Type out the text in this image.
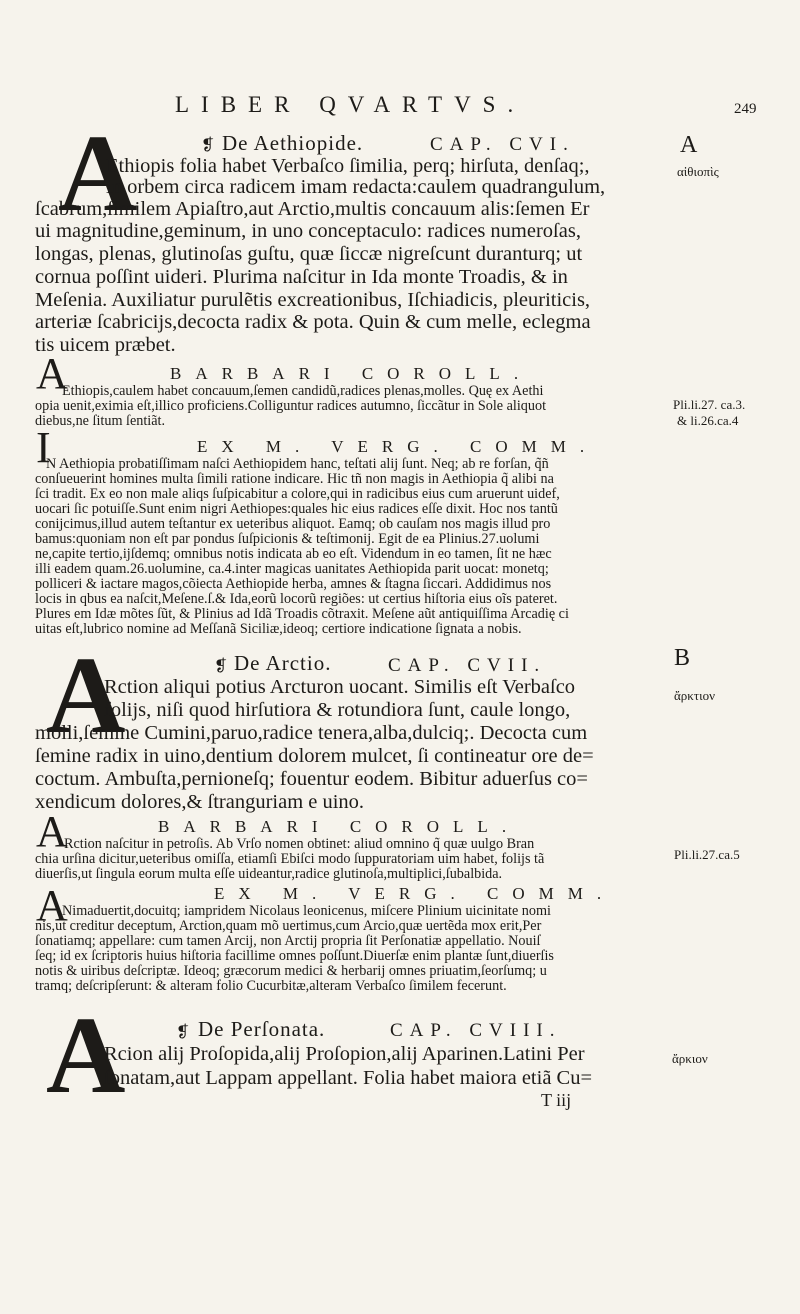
LIBER QVARTVS.	249
A	❡ De Aethiopide.	CAP. CVI.
Ethiopis folia habet Verbaſco ſimilia, perq; hirſuta, denſaq;,
in orbem circa radicem imam redacta:caulem quadrangulum,
ſcabrum,ſimilem Apiaſtro,aut Arctio,multis concauum alis:ſemen Er
ui magnitudine,geminum, in uno conceptaculo: radices numeroſas,
longas, plenas, glutinoſas guſtu, quæ ſiccæ nigreſcunt duranturq; ut
cornua poſſint uideri. Plurima naſcitur in Ida monte Troadis, & in
Meſenia. Auxiliatur purulẽtis excreationibus, Iſchiadicis, pleuriticis,
arteriæ ſcabricijs,decocta radix & pota. Quin & cum melle, eclegma
tis uicem præbet.
A	BARBARI COROLL.
Ethiopis,caulem habet concauum,ſemen candidũ,radices plenas,molles. Quę ex Aethi
opia uenit,eximia eſt,illico proficiens.Colliguntur radices autumno, ſiccãtur in Sole aliquot
diebus,ne ſitum ſentiãt.
I	EX M. VERG. COMM.
N Aethiopia probatiſſimam naſci Aethiopidem hanc, teſtati alij ſunt. Neq; ab re forſan, q̃ñ
conſueuerint homines multa ſimili ratione indicare. Hic tñ non magis in Aethiopia q̃ alibi na
ſci tradit. Ex eo non male aliqs ſuſpicabitur a colore,qui in radicibus eius cum aruerunt uidef,
uocari ſic potuiſſe.Sunt enim nigri Aethiopes:quales hic eius radices eſſe dixit. Hoc nos tantũ
conijcimus,illud autem teſtantur ex ueteribus aliquot. Eamq; ob cauſam nos magis illud pro
bamus:quoniam non eſt par pondus ſuſpicionis & teſtimonij. Egit de ea Plinius.27.uolumi
ne,capite tertio,ijſdemq; omnibus notis indicata ab eo eſt. Videndum in eo tamen, ſit ne hæc
illi eadem quam.26.uolumine, ca.4.inter magicas uanitates Aethiopida parit uocat: monetq;
polliceri & iactare magos,cõiecta Aethiopide herba, amnes & ſtagna ſiccari. Addidimus nos
locis in qbus ea naſcit,Meſene.ſ.& Ida,eorũ locorũ regiões: ut certius hiſtoria eius oĩs pateret.
Plures em Idæ mõtes ſũt, & Plinius ad Idã Troadis cõtraxit. Meſene aũt antiquiſſima Arcadię ci
uitas eſt,lubrico nomine ad Meſſanã Siciliæ,ideoq; certiore indicatione ſignata a nobis.
A	❡ De Arctio.	CAP. CVII.
Rction aliqui potius Arcturon uocant. Similis eſt Verbaſco
folijs, niſi quod hirſutiora & rotundiora ſunt, caule longo,
molli,ſemine Cumini,paruo,radice tenera,alba,dulciq;. Decocta cum
ſemine radix in uino,dentium dolorem mulcet, ſi contineatur ore de=
coctum. Ambuſta,pernioneſq; fouentur eodem. Bibitur aduerſus co=
xendicum dolores,& ſtranguriam e uino.
A	BARBARI COROLL.
Rction naſcitur in petroſis. Ab Vrſo nomen obtinet: aliud omnino q̃ quæ uulgo Bran
chia urſina dicitur,ueteribus omiſſa, etiamſi Ebiſci modo ſuppuratoriam uim habet, folijs tã
diuerſis,ut ſingula eorum multa eſſe uideantur,radice glutinoſa,multiplici,ſubalbida.
A	EX M. VERG. COMM.
Nimaduertit,docuitq; iampridem Nicolaus leonicenus, miſcere Plinium uicinitate nomi
nis,ut creditur deceptum, Arction,quam mõ uertimus,cum Arcio,quæ uertẽda mox erit,Per
ſonatiamq; appellare: cum tamen Arcij, non Arctij propria ſit Perſonatiæ appellatio. Nouiſ
ſeq; id ex ſcriptoris huius hiſtoria facillime omnes poſſunt.Diuerſæ enim plantæ ſunt,diuerſis
notis & uiribus deſcriptæ. Ideoq; græcorum medici & herbarij omnes priuatim,ſeorſumq; u
tramq; deſcripſerunt: & alteram folio Cucurbitæ,alteram Verbaſco ſimilem fecerunt.
A	❡ De Perſonata.	CAP. CVIII.
Rcion alij Proſopida,alij Proſopion,alij Aparinen.Latini Per
ſonatam,aut Lappam appellant. Folia habet maiora etiã Cu=
T iij
A
αἰθιοπὶς
Pli.li.27. ca.3.
& li.26.ca.4
B
ἄρκτιον
Pli.li.27.ca.5
ἄρκιον
